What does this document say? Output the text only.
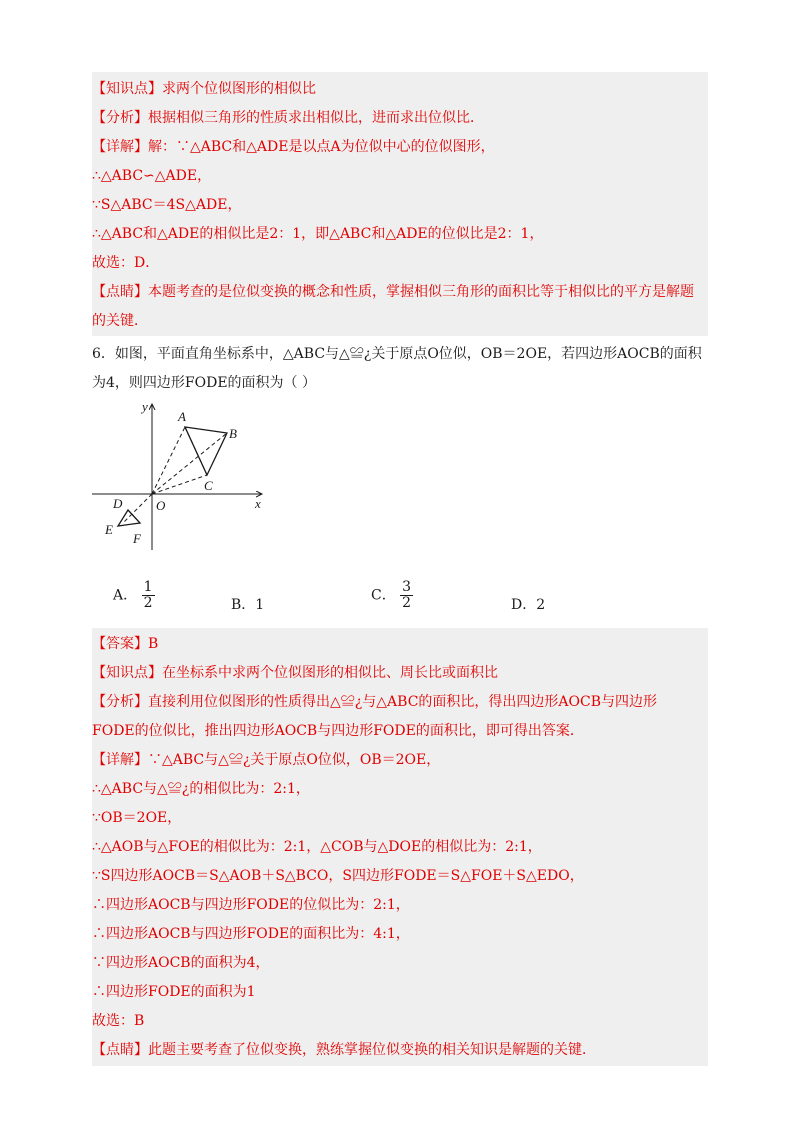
【知识点】求两个位似图形的相似比
【分析】根据相似三角形的性质求出相似比，进而求出位似比．
【详解】解：∵△ABC和△ADE是以点A为位似中心的位似图形，
∴△ABC∽△ADE，
∵S△ABC＝4S△ADE，
∴△ABC和△ADE的相似比是2：1，即△ABC和△ADE的位似比是2：1，
故选：D．
【点睛】本题考查的是位似变换的概念和性质，掌握相似三角形的面积比等于相似比的平方是解题
的关键．
6．如图，平面直角坐标系中，△ABC与△≌¿关于原点O位似，OB＝2OE，若四边形AOCB的面积
为4，则四边形FODE的面积为（ ）
y
x
O
A
B
C
D
E
F
A． $\frac{1}{2}$	B．1
C． $\frac{3}{2}$	D．2
【答案】B
【知识点】在坐标系中求两个位似图形的相似比、周长比或面积比
【分析】直接利用位似图形的性质得出△≌¿与△ABC的面积比，得出四边形AOCB与四边形
FODE的位似比，推出四边形AOCB与四边形FODE的面积比，即可得出答案．
【详解】∵△ABC与△≌¿关于原点O位似，OB＝2OE，
∴△ABC与△≌¿的相似比为：2:1，
∵OB＝2OE，
∴△AOB与△FOE的相似比为：2:1，△COB与△DOE的相似比为：2:1，
∵S四边形AOCB＝S△AOB＋S△BCO，S四边形FODE＝S△FOE＋S△EDO，
∴四边形AOCB与四边形FODE的位似比为：2:1，
∴四边形AOCB与四边形FODE的面积比为：4:1，
∵四边形AOCB的面积为4，
∴四边形FODE的面积为1
故选：B
【点睛】此题主要考查了位似变换，熟练掌握位似变换的相关知识是解题的关键．
